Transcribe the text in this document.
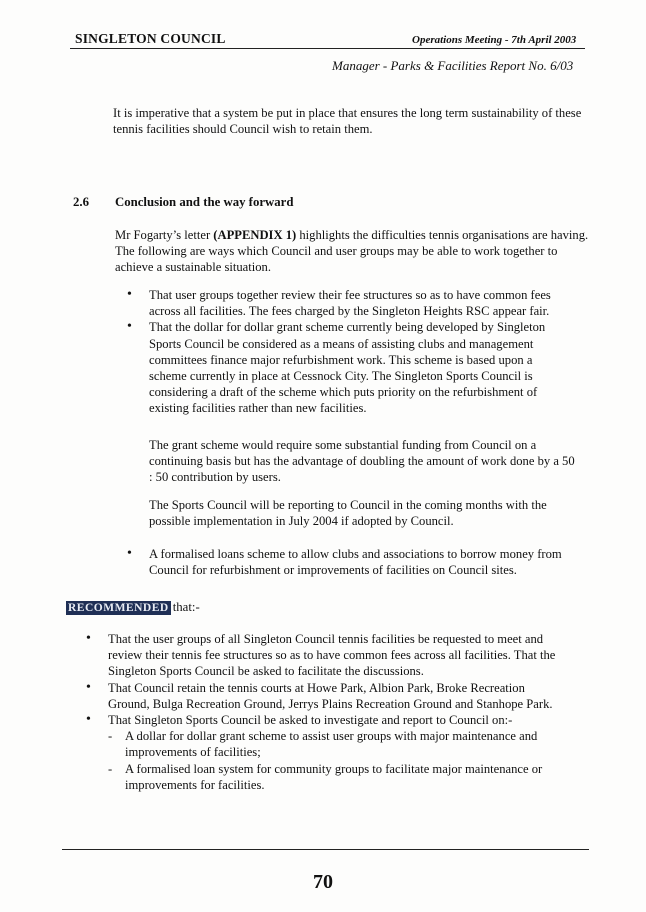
SINGLETON COUNCIL	Operations Meeting - 7th April 2003
Manager - Parks & Facilities Report No. 6/03
It is imperative that a system be put in place that ensures the long term sustainability of these tennis facilities should Council wish to retain them.
2.6 Conclusion and the way forward
Mr Fogarty’s letter (APPENDIX 1) highlights the difficulties tennis organisations are having. The following are ways which Council and user groups may be able to work together to achieve a sustainable situation.
• That user groups together review their fee structures so as to have common fees across all facilities. The fees charged by the Singleton Heights RSC appear fair.
• That the dollar for dollar grant scheme currently being developed by Singleton Sports Council be considered as a means of assisting clubs and management committees finance major refurbishment work. This scheme is based upon a scheme currently in place at Cessnock City. The Singleton Sports Council is considering a draft of the scheme which puts priority on the refurbishment of existing facilities rather than new facilities.
The grant scheme would require some substantial funding from Council on a continuing basis but has the advantage of doubling the amount of work done by a 50 : 50 contribution by users.
The Sports Council will be reporting to Council in the coming months with the possible implementation in July 2004 if adopted by Council.
• A formalised loans scheme to allow clubs and associations to borrow money from Council for refurbishment or improvements of facilities on Council sites.
RECOMMENDED that:-
• That the user groups of all Singleton Council tennis facilities be requested to meet and review their tennis fee structures so as to have common fees across all facilities. That the Singleton Sports Council be asked to facilitate the discussions.
• That Council retain the tennis courts at Howe Park, Albion Park, Broke Recreation Ground, Bulga Recreation Ground, Jerrys Plains Recreation Ground and Stanhope Park.
• That Singleton Sports Council be asked to investigate and report to Council on:-
- A dollar for dollar grant scheme to assist user groups with major maintenance and improvements of facilities;
- A formalised loan system for community groups to facilitate major maintenance or improvements for facilities.
70
